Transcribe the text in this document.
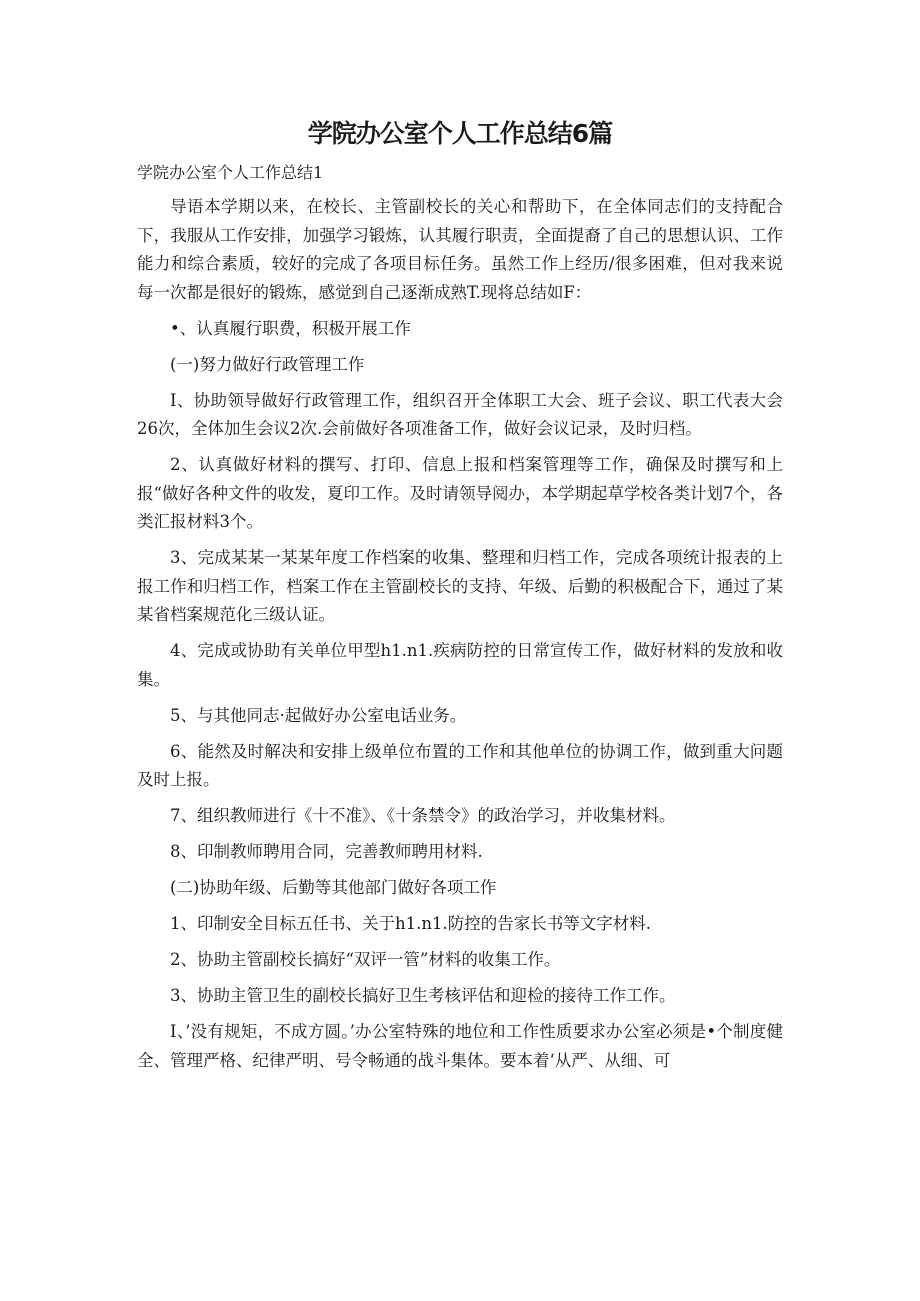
学院办公室个人工作总结6篇

学院办公室个人工作总结1

导语本学期以来，在校长、主管副校长的关心和帮助下，在全体同志们的支持配合下，我服从工作安排，加强学习锻炼，认其履行职责，全面提裔了自己的思想认识、工作能力和综合素质，较好的完成了各项目标任务。虽然工作上经历/很多困难，但对我来说每一次都是很好的锻炼，感觉到自己逐渐成熟T.现将总结如F：

•、认真履行职费，积极开展工作

(一)努力做好行政管理工作

I、协助领导做好行政管理工作，组织召开全体职工大会、班子会议、职工代表大会26次，全体加生会议2次.会前做好各项准备工作，做好会议记录，及时归档。

2、认真做好材料的撰写、打印、信息上报和档案管理等工作，确保及时撰写和上报“做好各种文件的收发，夏印工作。及时请领导阅办，本学期起草学校各类计划7个，各类汇报材料3个。

3、完成某某一某某年度工作档案的收集、整理和归档工作，完成各项统计报表的上报工作和归档工作，档案工作在主管副校长的支持、年级、后勤的积极配合下，通过了某某省档案规范化三级认证。

4、完成或协助有关单位甲型h1.n1.疾病防控的日常宣传工作，做好材料的发放和收集。

5、与其他同志·起做好办公室电话业务。

6、能然及时解决和安排上级单位布置的工作和其他单位的协调工作，做到重大问题及时上报。

7、组织教师进行《十不准》、《十条禁令》的政治学习，并收集材料。

8、印制教师聘用合同，完善教师聘用材料.

(二)协助年级、后勤等其他部门做好各项工作

1、印制安全目标五任书、关于h1.n1.防控的告家长书等文字材料.

2、协助主管副校长搞好“双评一管”材料的收集工作。

3、协助主管卫生的副校长搞好卫生考核评估和迎检的接待工作工作。

I、’没有规矩，不成方圆。’办公室特殊的地位和工作性质要求办公室必须是•个制度健全、管理严格、纪律严明、号令畅通的战斗集体。要本着‘从严、从细、可
